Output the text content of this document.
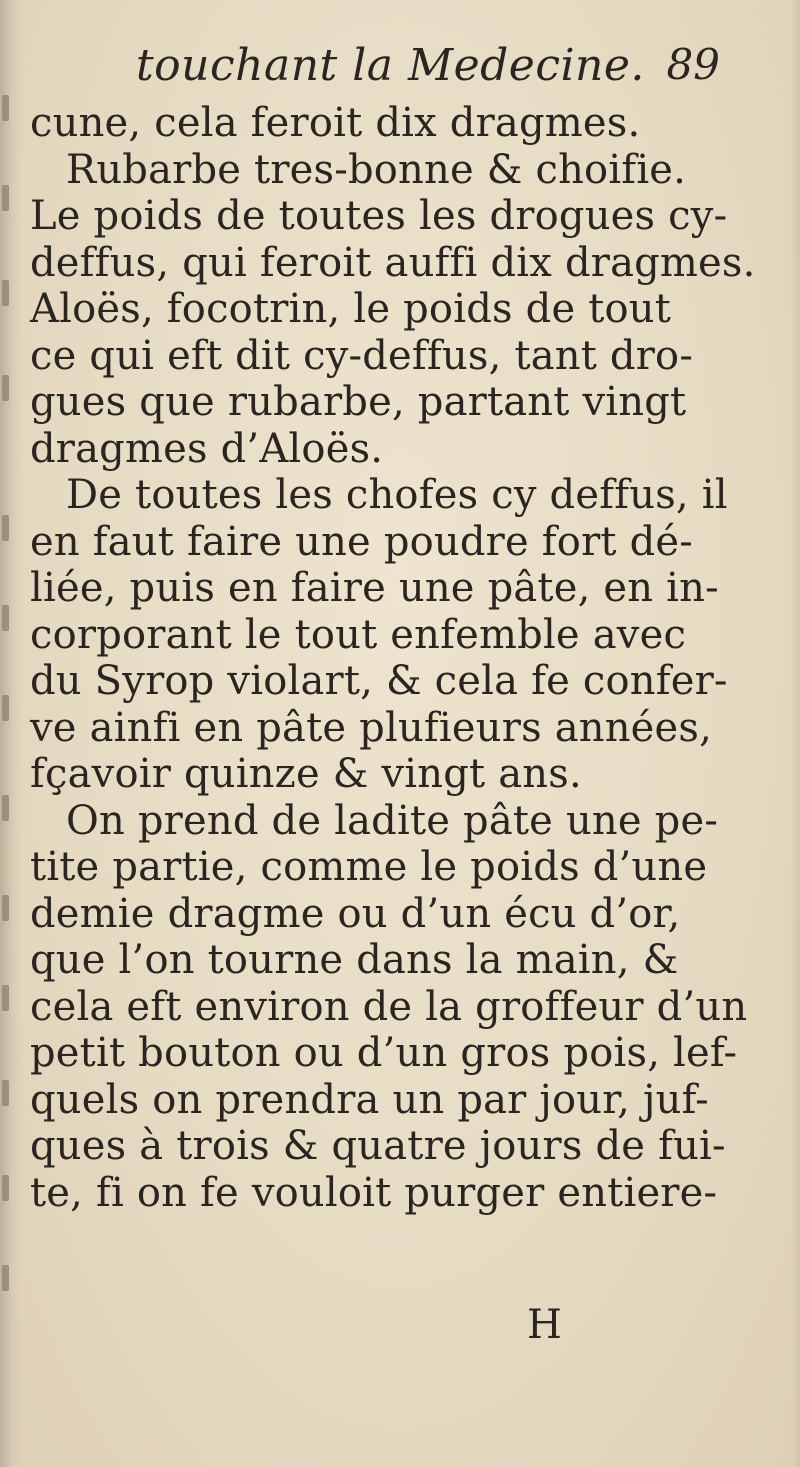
touchant la Medecine. 89
cune, cela feroit dix dragmes.
Rubarbe tres-bonne & choifie.
Le poids de toutes les drogues cy-
deffus, qui feroit auffi dix dragmes.
Aloës, focotrin, le poids de tout
ce qui eft dit cy-deffus, tant dro-
gues que rubarbe, partant vingt
dragmes d’Aloës.
De toutes les chofes cy deffus, il
en faut faire une poudre fort dé-
liée, puis en faire une pâte, en in-
corporant le tout enfemble avec
du Syrop violart, & cela fe confer-
ve ainfi en pâte plufieurs années,
fçavoir quinze & vingt ans.
On prend de ladite pâte une pe-
tite partie, comme le poids d’une
demie dragme ou d’un écu d’or,
que l’on tourne dans la main, &
cela eft environ de la groffeur d’un
petit bouton ou d’un gros pois, lef-
quels on prendra un par jour, juf-
ques à trois & quatre jours de fui-
te, fi on fe vouloit purger entiere-
H
